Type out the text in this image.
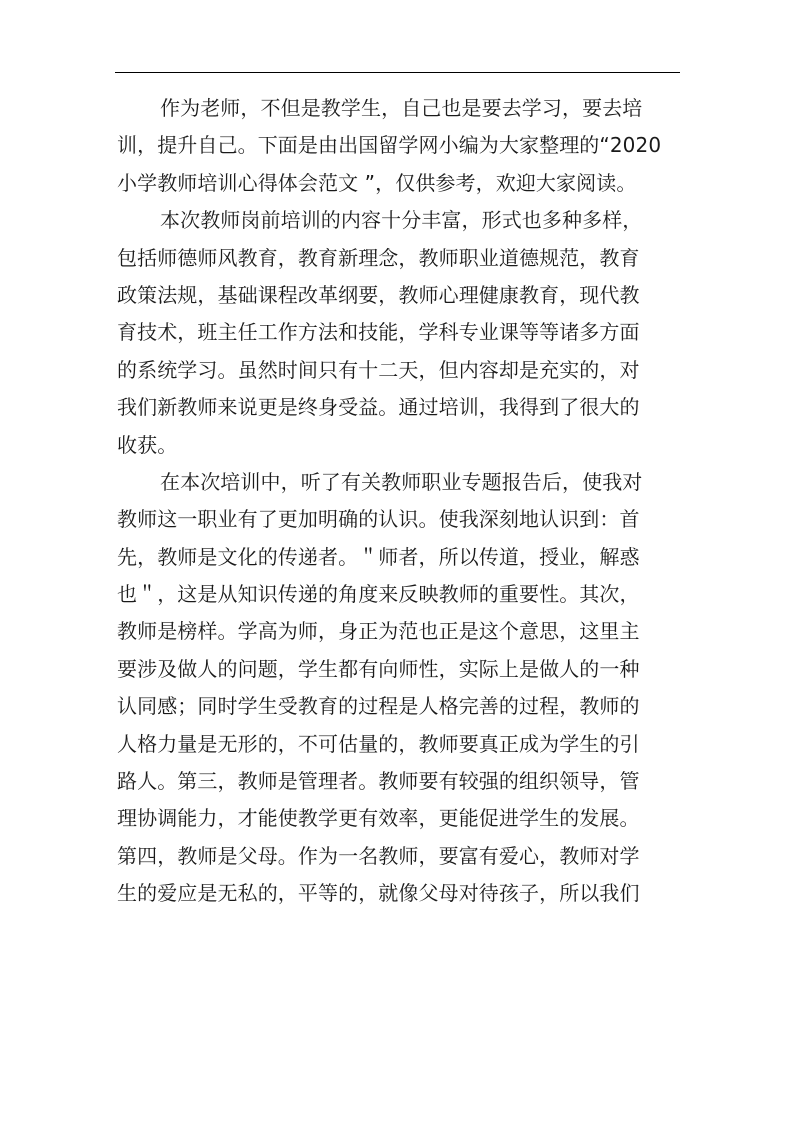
作为老师，不但是教学生，自己也是要去学习，要去培
训，提升自己。下面是由出国留学网小编为大家整理的“2020
小学教师培训心得体会范文 ”，仅供参考，欢迎大家阅读。
本次教师岗前培训的内容十分丰富，形式也多种多样，
包括师德师风教育，教育新理念，教师职业道德规范，教育
政策法规，基础课程改革纲要，教师心理健康教育，现代教
育技术，班主任工作方法和技能，学科专业课等等诸多方面
的系统学习。虽然时间只有十二天，但内容却是充实的，对
我们新教师来说更是终身受益。通过培训，我得到了很大的
收获。
在本次培训中，听了有关教师职业专题报告后，使我对
教师这一职业有了更加明确的认识。使我深刻地认识到：首
先，教师是文化的传递者。＂师者，所以传道，授业，解惑
也＂，这是从知识传递的角度来反映教师的重要性。其次，
教师是榜样。学高为师，身正为范也正是这个意思，这里主
要涉及做人的问题，学生都有向师性，实际上是做人的一种
认同感；同时学生受教育的过程是人格完善的过程，教师的
人格力量是无形的，不可估量的，教师要真正成为学生的引
路人。第三，教师是管理者。教师要有较强的组织领导，管
理协调能力，才能使教学更有效率，更能促进学生的发展。
第四，教师是父母。作为一名教师，要富有爱心，教师对学
生的爱应是无私的，平等的，就像父母对待孩子，所以我们
